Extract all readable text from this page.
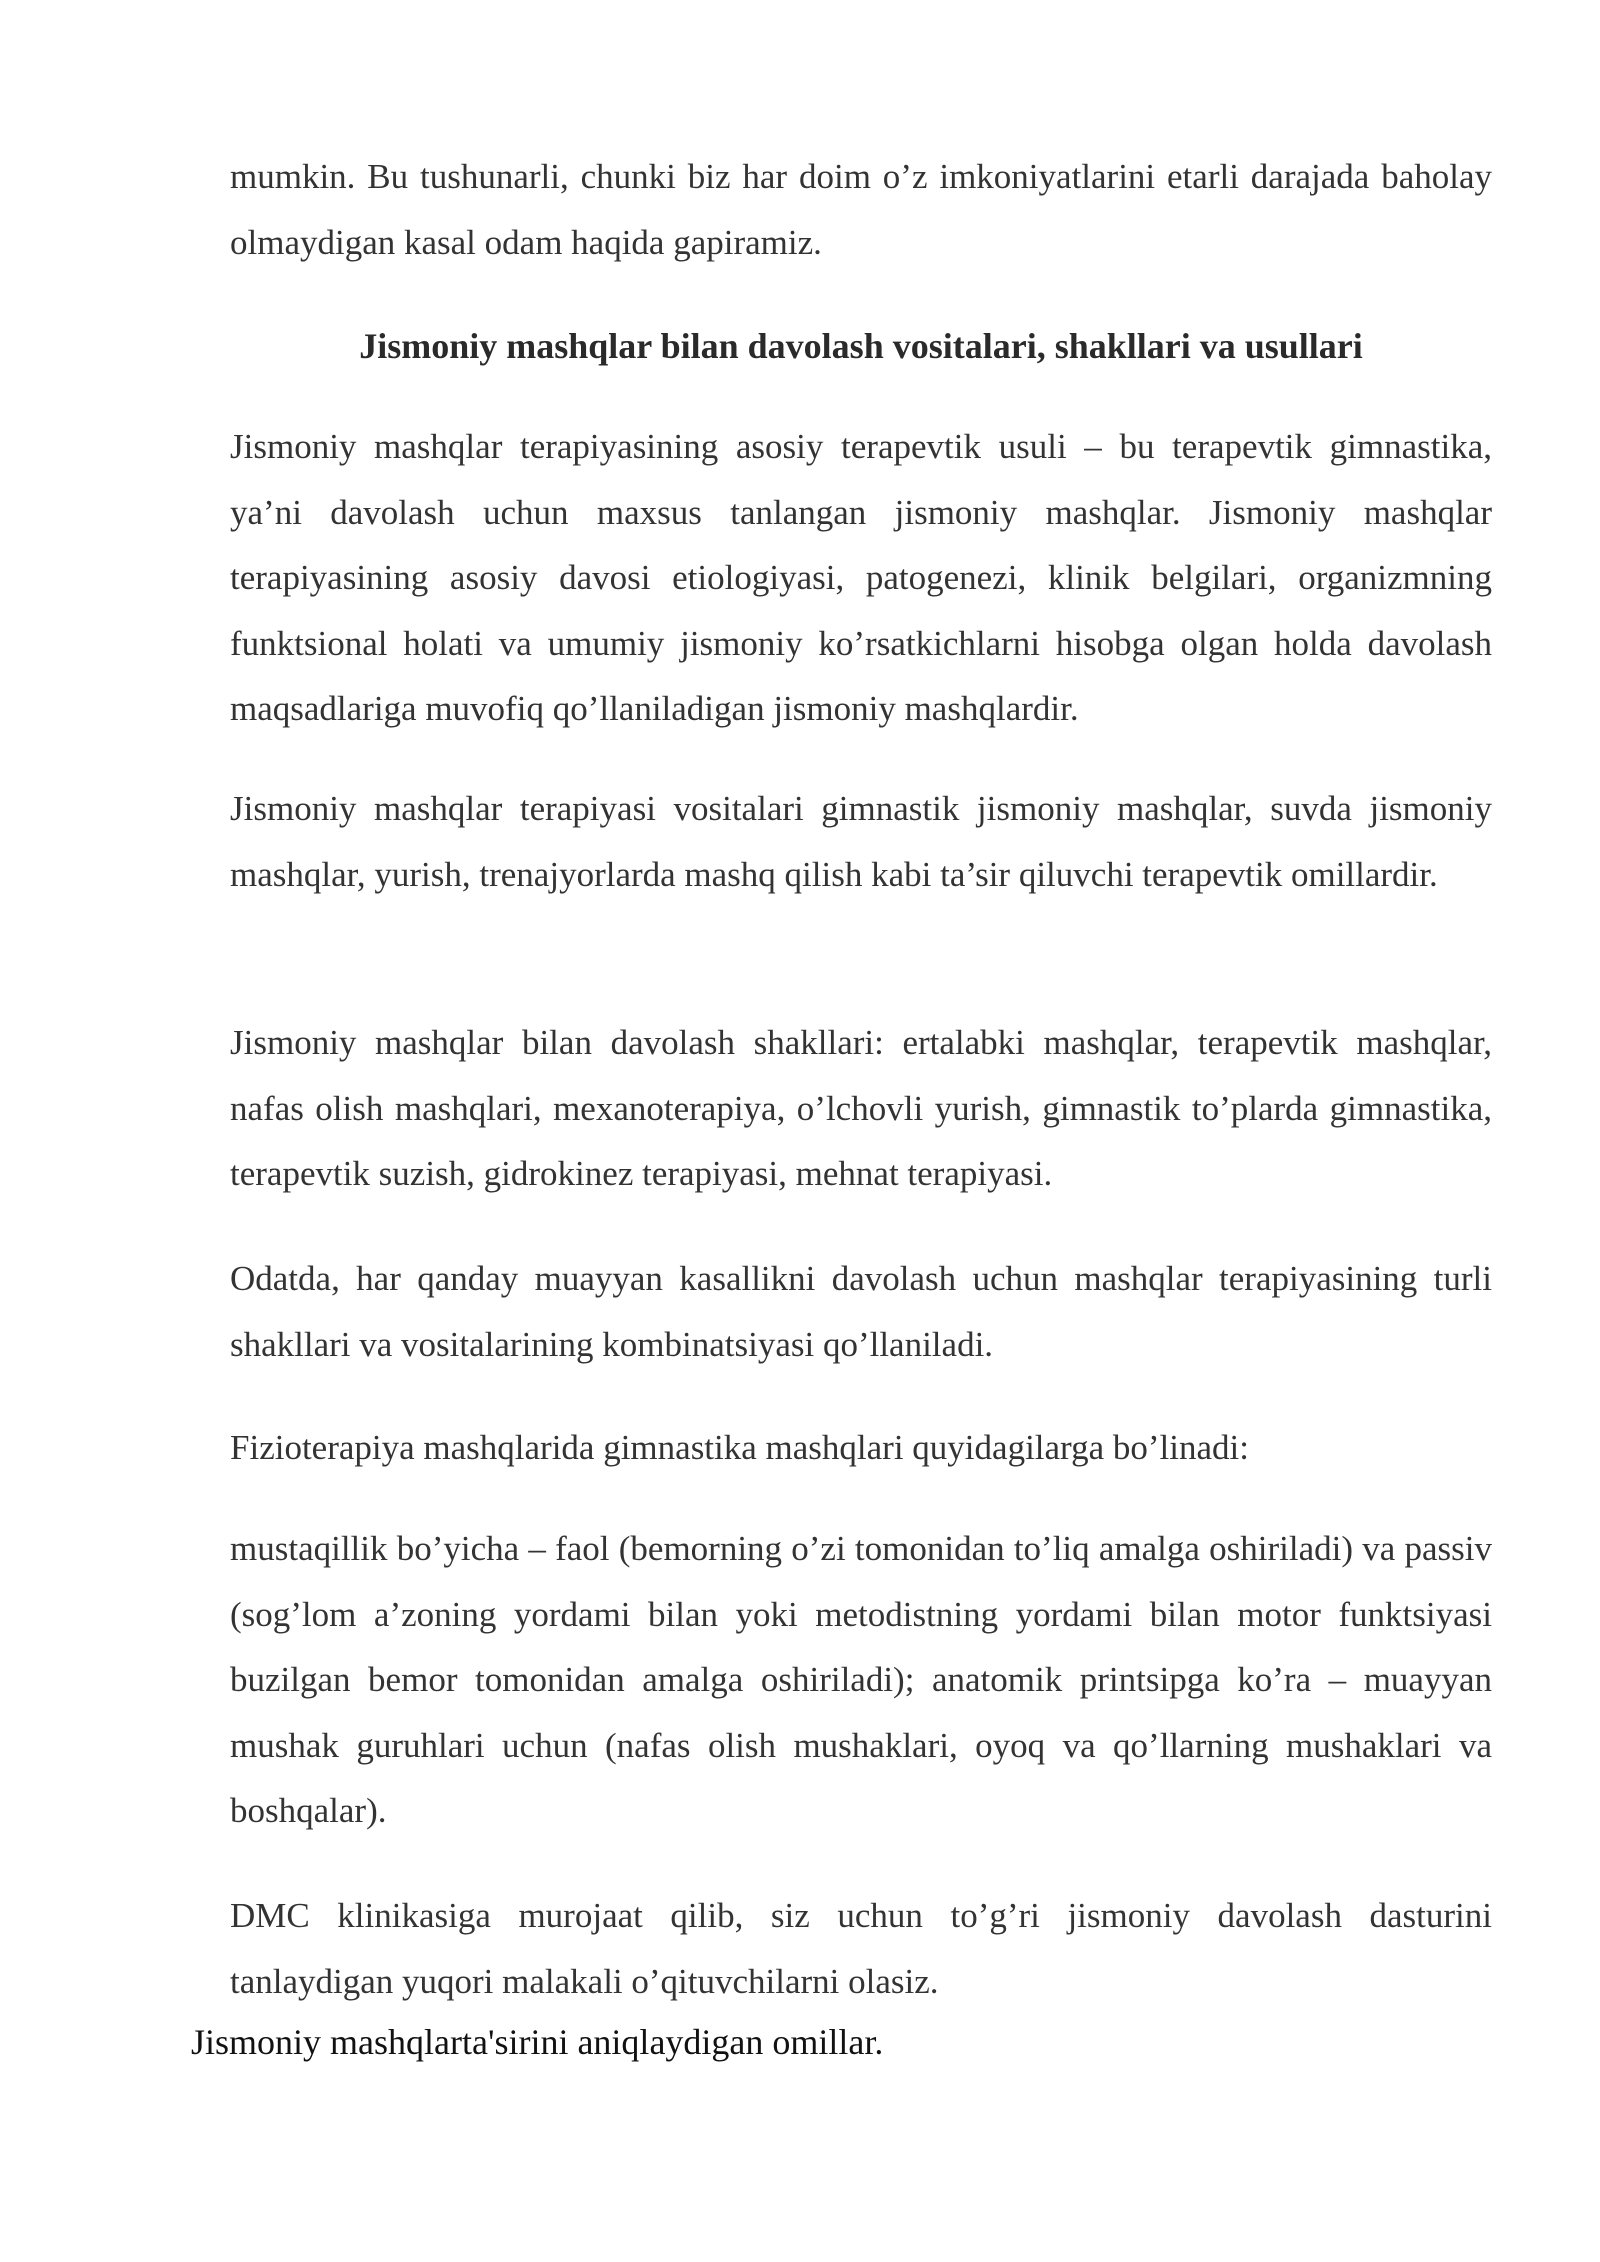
mumkin. Bu tushunarli, chunki biz har doim o’z imkoniyatlarini etarli darajada baholay olmaydigan kasal odam haqida gapiramiz.

Jismoniy mashqlar bilan davolash vositalari, shakllari va usullari

Jismoniy mashqlar terapiyasining asosiy terapevtik usuli – bu terapevtik gimnastika, ya’ni davolash uchun maxsus tanlangan jismoniy mashqlar. Jismoniy mashqlar terapiyasining asosiy davosi etiologiyasi, patogenezi, klinik belgilari, organizmning funktsional holati va umumiy jismoniy ko’rsatkichlarni hisobga olgan holda davolash maqsadlariga muvofiq qo’llaniladigan jismoniy mashqlardir.

Jismoniy mashqlar terapiyasi vositalari gimnastik jismoniy mashqlar, suvda jismoniy mashqlar, yurish, trenajyorlarda mashq qilish kabi ta’sir qiluvchi terapevtik omillardir.

Jismoniy mashqlar bilan davolash shakllari: ertalabki mashqlar, terapevtik mashqlar, nafas olish mashqlari, mexanoterapiya, o’lchovli yurish, gimnastik to’plarda gimnastika, terapevtik suzish, gidrokinez terapiyasi, mehnat terapiyasi.

Odatda, har qanday muayyan kasallikni davolash uchun mashqlar terapiyasining turli shakllari va vositalarining kombinatsiyasi qo’llaniladi.

Fizioterapiya mashqlarida gimnastika mashqlari quyidagilarga bo’linadi:

mustaqillik bo’yicha – faol (bemorning o’zi tomonidan to’liq amalga oshiriladi) va passiv (sog’lom a’zoning yordami bilan yoki metodistning yordami bilan motor funktsiyasi buzilgan bemor tomonidan amalga oshiriladi); anatomik printsipga ko’ra – muayyan mushak guruhlari uchun (nafas olish mushaklari, oyoq va qo’llarning mushaklari va boshqalar).

DMC klinikasiga murojaat qilib, siz uchun to’g’ri jismoniy davolash dasturini tanlaydigan yuqori malakali o’qituvchilarni olasiz.

Jismoniy mashqlarta'sirini aniqlaydigan omillar.
